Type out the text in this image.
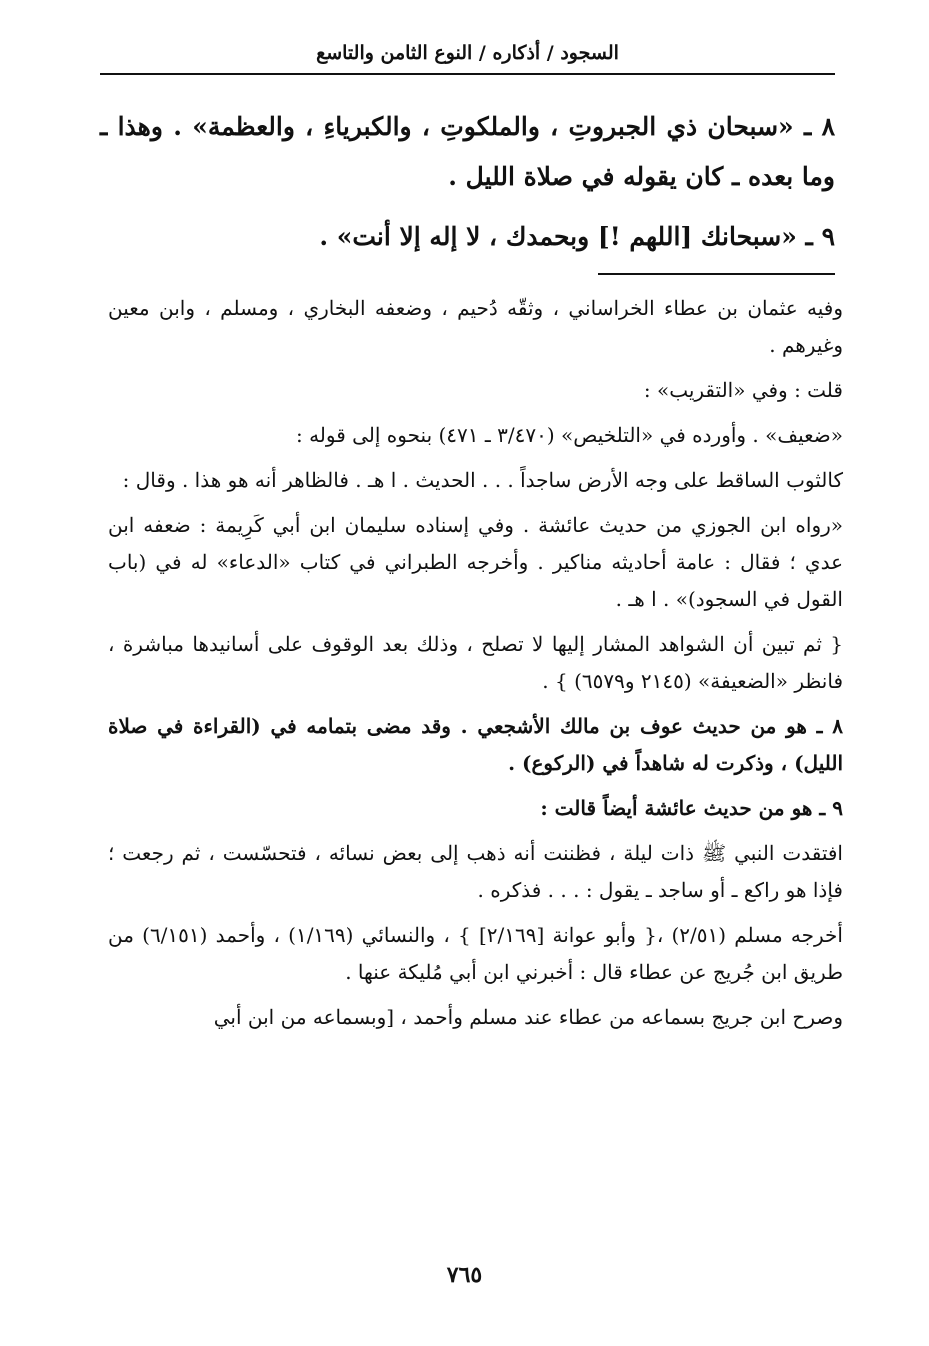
السجود / أذكاره / النوع الثامن والتاسع

٨ ـ «سبحان ذي الجبروتِ ، والملكوتِ ، والكبرياءِ ، والعظمة» . وهذا ـ وما بعده ـ كان يقوله في صلاة الليل .

٩ ـ «سبحانك [اللهم !] وبحمدك ، لا إله إلا أنت» .

وفيه عثمان بن عطاء الخراساني ، وثقّه دُحيم ، وضعفه البخاري ، ومسلم ، وابن معين وغيرهم .

قلت : وفي «التقريب» :

«ضعيف» . وأورده في «التلخيص» (٣/٤٧٠ ـ ٤٧١) بنحوه إلى قوله :

كالثوب الساقط على وجه الأرض ساجداً . . . الحديث . ا هـ . فالظاهر أنه هو هذا . وقال :

«رواه ابن الجوزي من حديث عائشة . وفي إسناده سليمان ابن أبي كَرِيمة : ضعفه ابن عدي ؛ فقال : عامة أحاديثه مناكير . وأخرجه الطبراني في كتاب «الدعاء» له في (باب القول في السجود)» . ا هـ .

{ ثم تبين أن الشواهد المشار إليها لا تصلح ، وذلك بعد الوقوف على أسانيدها مباشرة ، فانظر «الضعيفة» (٢١٤٥ و٦٥٧٩) } .

٨ ـ هو من حديث عوف بن مالك الأشجعي . وقد مضى بتمامه في (القراءة في صلاة الليل) ، وذكرت له شاهداً في (الركوع) .

٩ ـ هو من حديث عائشة أيضاً قالت :

افتقدت النبي ﷺ ذات ليلة ، فظننت أنه ذهب إلى بعض نسائه ، فتحسّست ، ثم رجعت ؛ فإذا هو راكع ـ أو ساجد ـ يقول : . . . فذكره .

أخرجه مسلم (٢/٥١) ،{ وأبو عوانة [٢/١٦٩] } ، والنسائي (١/١٦٩) ، وأحمد (٦/١٥١) من طريق ابن جُريج عن عطاء قال : أخبرني ابن أبي مُليكة عنها .

وصرح ابن جريج بسماعه من عطاء عند مسلم وأحمد ، [وبسماعه من ابن أبي

٧٦٥
